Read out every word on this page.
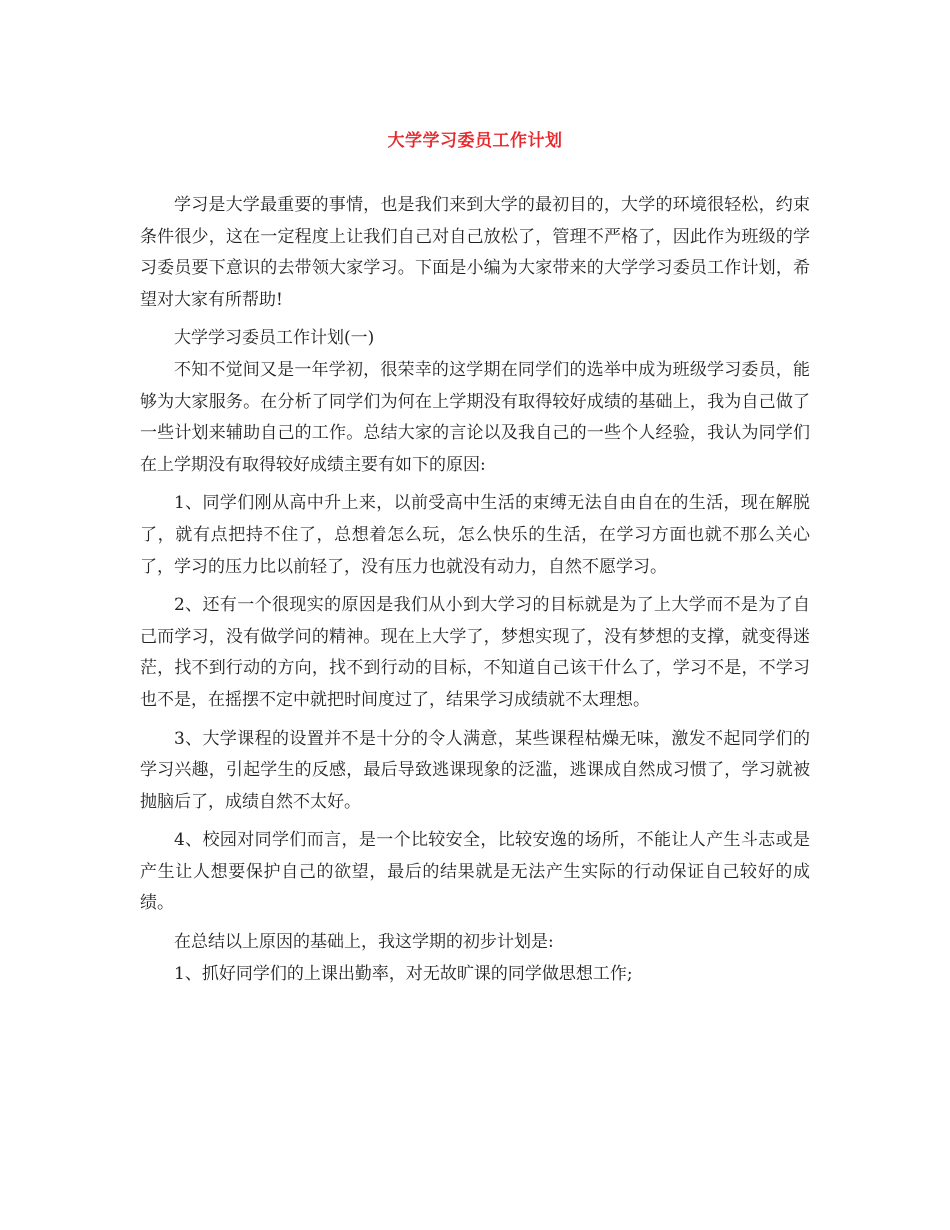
大学学习委员工作计划

学习是大学最重要的事情，也是我们来到大学的最初目的，大学的环境很轻松，约束条件很少，这在一定程度上让我们自己对自己放松了，管理不严格了，因此作为班级的学习委员要下意识的去带领大家学习。下面是小编为大家带来的大学学习委员工作计划，希望对大家有所帮助!

大学学习委员工作计划(一)

不知不觉间又是一年学初，很荣幸的这学期在同学们的选举中成为班级学习委员，能够为大家服务。在分析了同学们为何在上学期没有取得较好成绩的基础上，我为自己做了一些计划来辅助自己的工作。总结大家的言论以及我自己的一些个人经验，我认为同学们在上学期没有取得较好成绩主要有如下的原因:

1、同学们刚从高中升上来，以前受高中生活的束缚无法自由自在的生活，现在解脱了，就有点把持不住了，总想着怎么玩，怎么快乐的生活，在学习方面也就不那么关心了，学习的压力比以前轻了，没有压力也就没有动力，自然不愿学习。

2、还有一个很现实的原因是我们从小到大学习的目标就是为了上大学而不是为了自己而学习，没有做学问的精神。现在上大学了，梦想实现了，没有梦想的支撑，就变得迷茫，找不到行动的方向，找不到行动的目标，不知道自己该干什么了，学习不是，不学习也不是，在摇摆不定中就把时间度过了，结果学习成绩就不太理想。

3、大学课程的设置并不是十分的令人满意，某些课程枯燥无味，激发不起同学们的学习兴趣，引起学生的反感，最后导致逃课现象的泛滥，逃课成自然成习惯了，学习就被抛脑后了，成绩自然不太好。

4、校园对同学们而言，是一个比较安全，比较安逸的场所，不能让人产生斗志或是产生让人想要保护自己的欲望，最后的结果就是无法产生实际的行动保证自己较好的成绩。

在总结以上原因的基础上，我这学期的初步计划是:

1、抓好同学们的上课出勤率，对无故旷课的同学做思想工作;
